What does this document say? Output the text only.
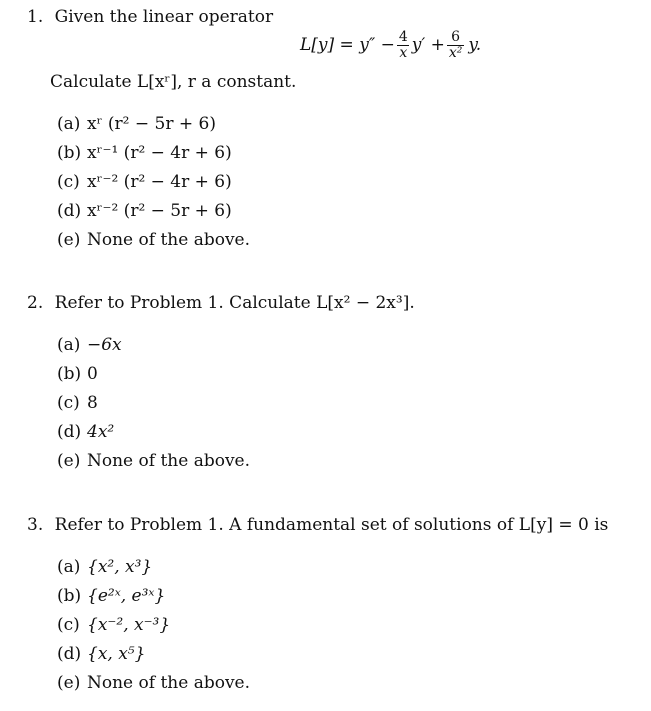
1. Given the linear operator
$L[y] = y'' - \frac{4}{x} y' + \frac{6}{\text{x²}} y$.
Calculate L[xʳ], r a constant.
(a) xʳ (r² − 5r + 6)
(b) xʳ⁻¹ (r² − 4r + 6)
(c) xʳ⁻² (r² − 4r + 6)
(d) xʳ⁻² (r² − 5r + 6)
(e) None of the above.
2. Refer to Problem 1. Calculate L[x² − 2x³].
(a) −6x
(b) 0
(c) 8
(d) 4x²
(e) None of the above.
3. Refer to Problem 1. A fundamental set of solutions of L[y] = 0 is
(a) {x², x³}
(b) {e²ˣ, e³ˣ}
(c) {x⁻², x⁻³}
(d) {x, x⁵}
(e) None of the above.
